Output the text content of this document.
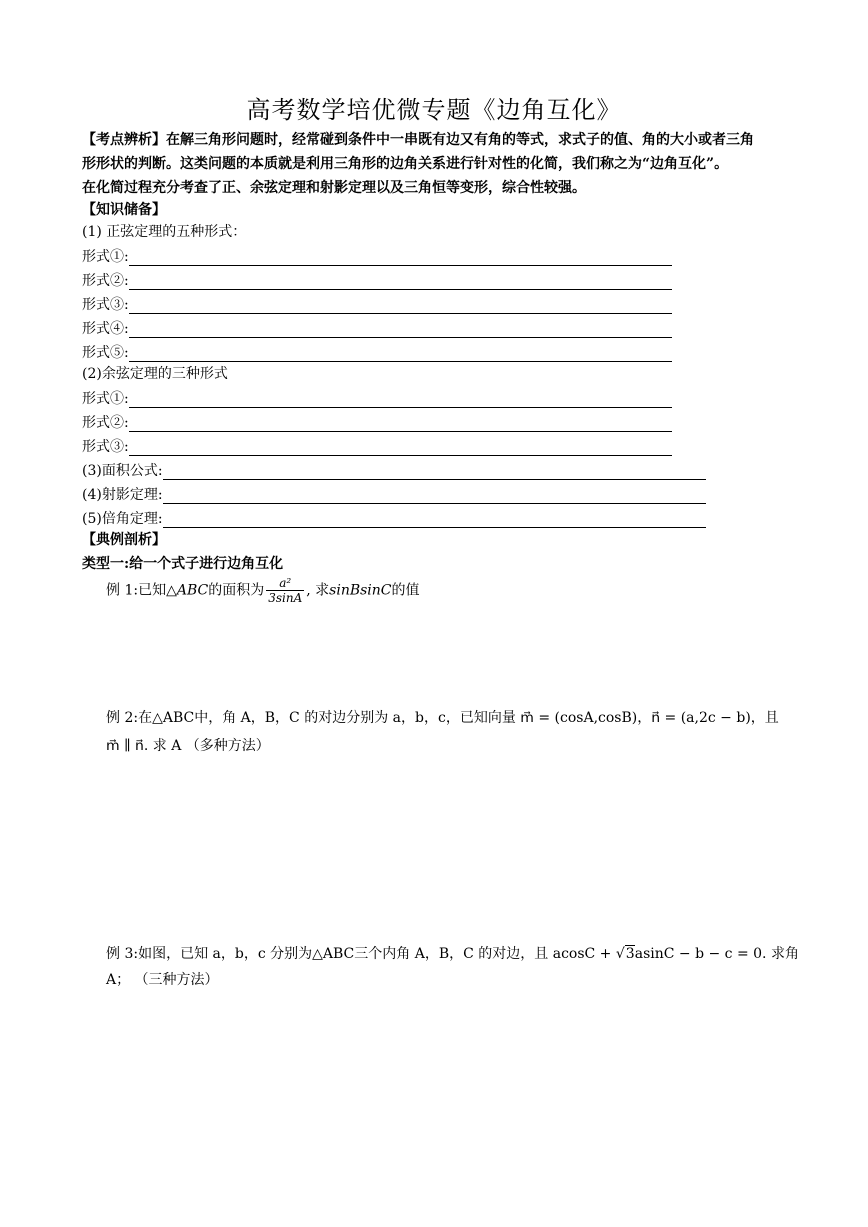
高考数学培优微专题《边角互化》
【考点辨析】在解三角形问题时，经常碰到条件中一串既有边又有角的等式，求式子的值、角的大小或者三角
形形状的判断。这类问题的本质就是利用三角形的边角关系进行针对性的化简，我们称之为“边角互化”。
在化简过程充分考查了正、余弦定理和射影定理以及三角恒等变形，综合性较强。
【知识储备】
(1) 正弦定理的五种形式：
形式①:
形式②:
形式③:
形式④:
形式⑤:
(2)余弦定理的三种形式
形式①:
形式②:
形式③:
(3)面积公式:
(4)射影定理:
(5)倍角定理:
【典例剖析】
类型一:给一个式子进行边角互化
例 1:已知△ABC的面积为 $\frac{\text{a²}}{3\sin A}$ , 求sinBsinC的值
例 2:在△ABC中，角 A，B，C 的对边分别为 a，b，c，已知向量 m⃗ = (cosA,cosB)，n⃗ = (a,2c − b)，且
m⃗ ∥ n⃗. 求 A （多种方法）
例 3:如图，已知 a，b，c 分别为△ABC三个内角 A，B，C 的对边，且 acosC + √3asinC − b − c = 0. 求角
A； （三种方法）
